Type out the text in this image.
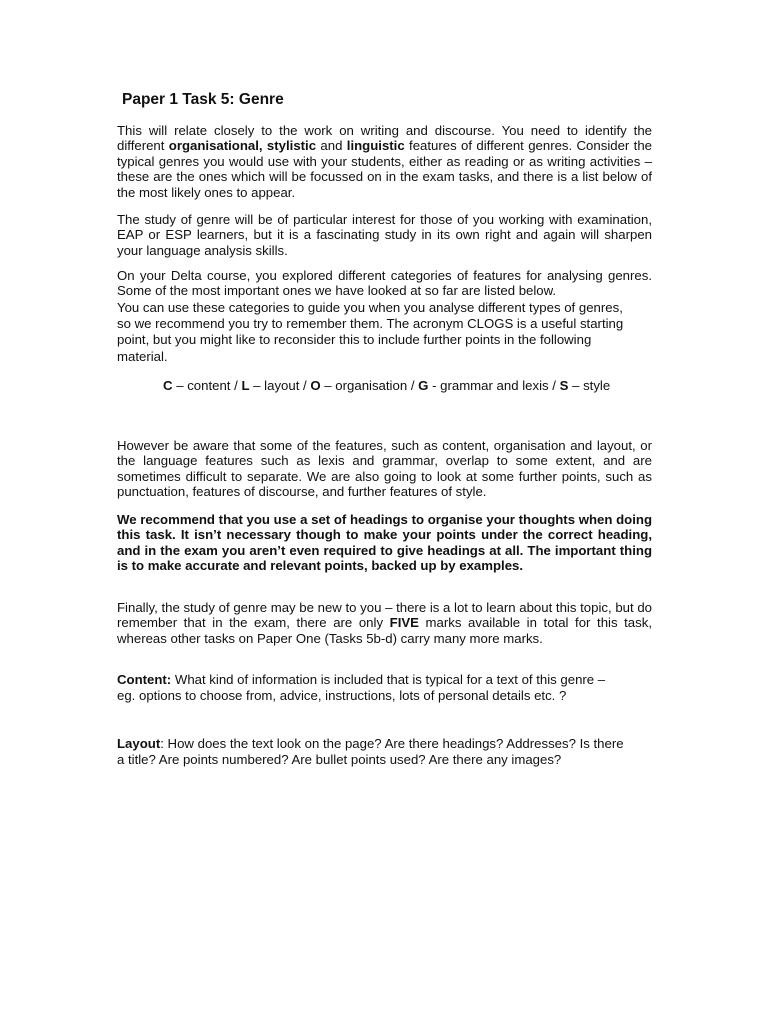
Paper 1 Task 5: Genre

This will relate closely to the work on writing and discourse. You need to identify the different organisational, stylistic and linguistic features of different genres. Consider the typical genres you would use with your students, either as reading or as writing activities – these are the ones which will be focussed on in the exam tasks, and there is a list below of the most likely ones to appear.

The study of genre will be of particular interest for those of you working with examination, EAP or ESP learners, but it is a fascinating study in its own right and again will sharpen your language analysis skills.

On your Delta course, you explored different categories of features for analysing genres. Some of the most important ones we have looked at so far are listed below.

You can use these categories to guide you when you analyse different types of genres, so we recommend you try to remember them. The acronym CLOGS is a useful starting point, but you might like to reconsider this to include further points in the following material.

C – content / L – layout / O – organisation / G - grammar and lexis / S – style

However be aware that some of the features, such as content, organisation and layout, or the language features such as lexis and grammar, overlap to some extent, and are sometimes difficult to separate. We are also going to look at some further points, such as punctuation, features of discourse, and further features of style.

We recommend that you use a set of headings to organise your thoughts when doing this task. It isn’t necessary though to make your points under the correct heading, and in the exam you aren’t even required to give headings at all. The important thing is to make accurate and relevant points, backed up by examples.

Finally, the study of genre may be new to you – there is a lot to learn about this topic, but do remember that in the exam, there are only FIVE marks available in total for this task, whereas other tasks on Paper One (Tasks 5b-d) carry many more marks.

Content: What kind of information is included that is typical for a text of this genre – eg. options to choose from, advice, instructions, lots of personal details etc. ?

Layout: How does the text look on the page? Are there headings? Addresses? Is there a title? Are points numbered? Are bullet points used? Are there any images?
